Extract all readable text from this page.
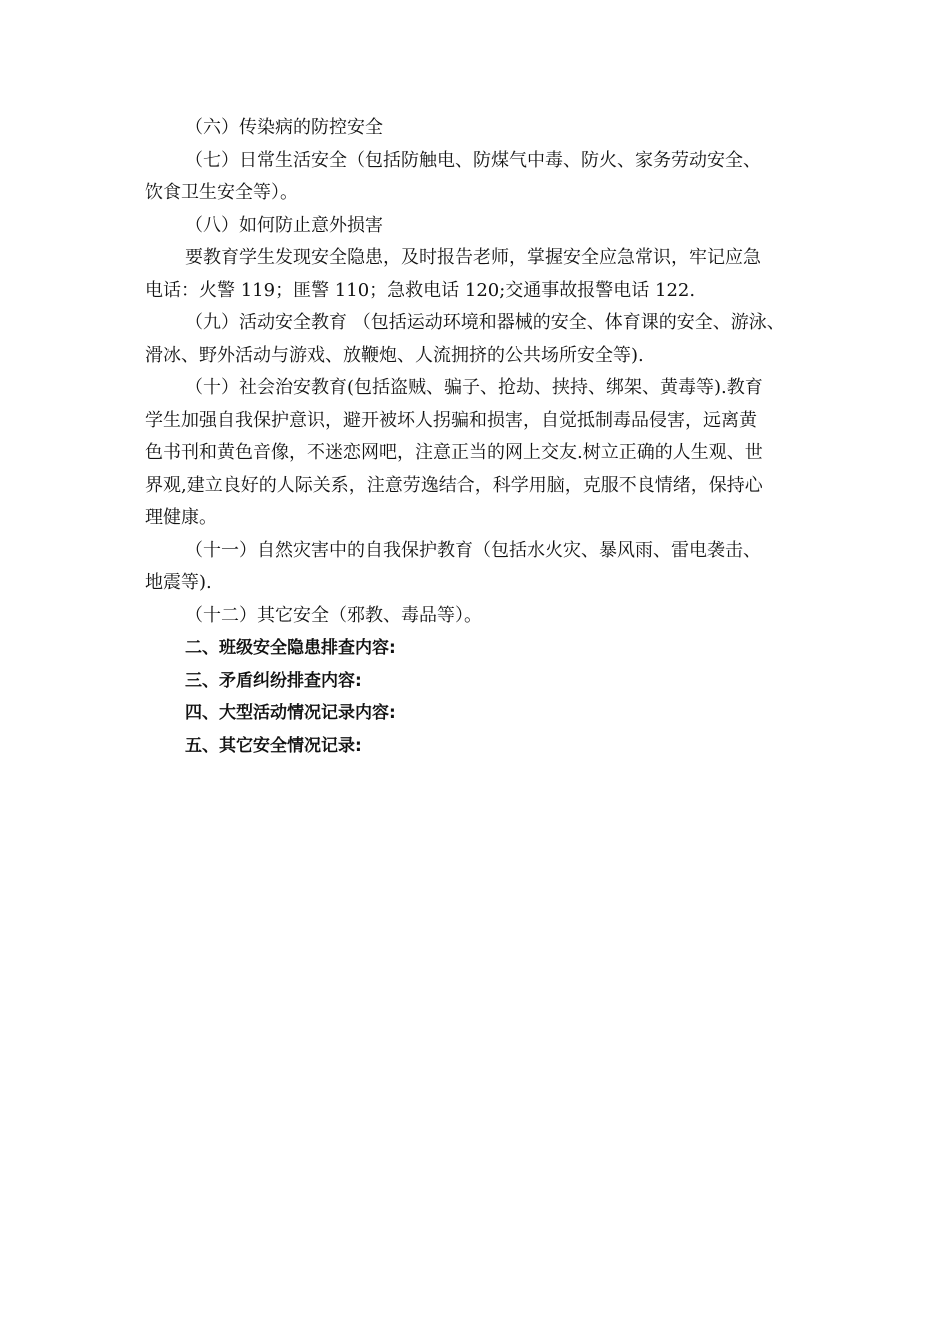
（六）传染病的防控安全

（七）日常生活安全（包括防触电、防煤气中毒、防火、家务劳动安全、

饮食卫生安全等）。

（八）如何防止意外损害

要教育学生发现安全隐患，及时报告老师，掌握安全应急常识，牢记应急

电话：火警 119；匪警 110；急救电话 120;交通事故报警电话 122.

（九）活动安全教育 （包括运动环境和器械的安全、体育课的安全、游泳、

滑冰、野外活动与游戏、放鞭炮、人流拥挤的公共场所安全等).

（十）社会治安教育(包括盗贼、骗子、抢劫、挟持、绑架、黄毒等).教育

学生加强自我保护意识，避开被坏人拐骗和损害，自觉抵制毒品侵害，远离黄

色书刊和黄色音像，不迷恋网吧，注意正当的网上交友.树立正确的人生观、世

界观,建立良好的人际关系，注意劳逸结合，科学用脑，克服不良情绪，保持心

理健康。

（十一）自然灾害中的自我保护教育（包括水火灾、暴风雨、雷电袭击、

地震等).

（十二）其它安全（邪教、毒品等）。

二、班级安全隐患排查内容:

三、矛盾纠纷排查内容:

四、大型活动情况记录内容:

五、其它安全情况记录:
